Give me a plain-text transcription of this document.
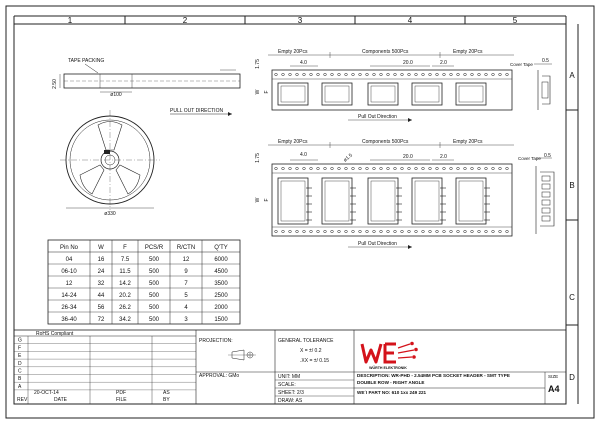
1	2	3	4	5
A
B
C
D
TAPE PACKING
ø100
2.50
PULL OUT DIRECTION
ø330
Pin No	W	F	PCS/R R/CTN	Q'TY
04	16	7.5	500	12	6000
06-10	24	11.5	500	9	4500
12	32 14.2	500	7	3500
14-24	44 20.2	500	5	2500
26-34	56 26.2	500	4	2000
36-40	72 34.2	500	3	1500
Empty 20Pcs	Components 500Pcs	Empty 20Pcs
4.0	20.0	2.0
1.75
W F
Pull Out Direction
Cover Tape
0.5
Empty 20Pcs	Components 500Pcs	Empty 20Pcs
4.0	ø1.5	20.0	2.0
1.75
W F
Pull Out Direction
Cover Tape 0.5
RoHS Compliant
G
F
E
D
C
B
A
20-OCT-14	PDF	AS
REV	DATE	FILE	BY
PROJECTION:
APPROVAL: GMo
GENERAL TOLERANCE
X = ±/ 0.2
.XX = ±/ 0.15
UNIT: MM
SCALE:
SHEET: 2/3
DRAW: AS
WÜRTH ELEKTRONIK
DESCRIPTION: WR-PHD - 2.54MM PCB SOCKET HEADER - SMT TYPE
DOUBLE ROW - RIGHT ANGLE
WE´I PART NO: 610 1xx 249 221
SIZE
A4
